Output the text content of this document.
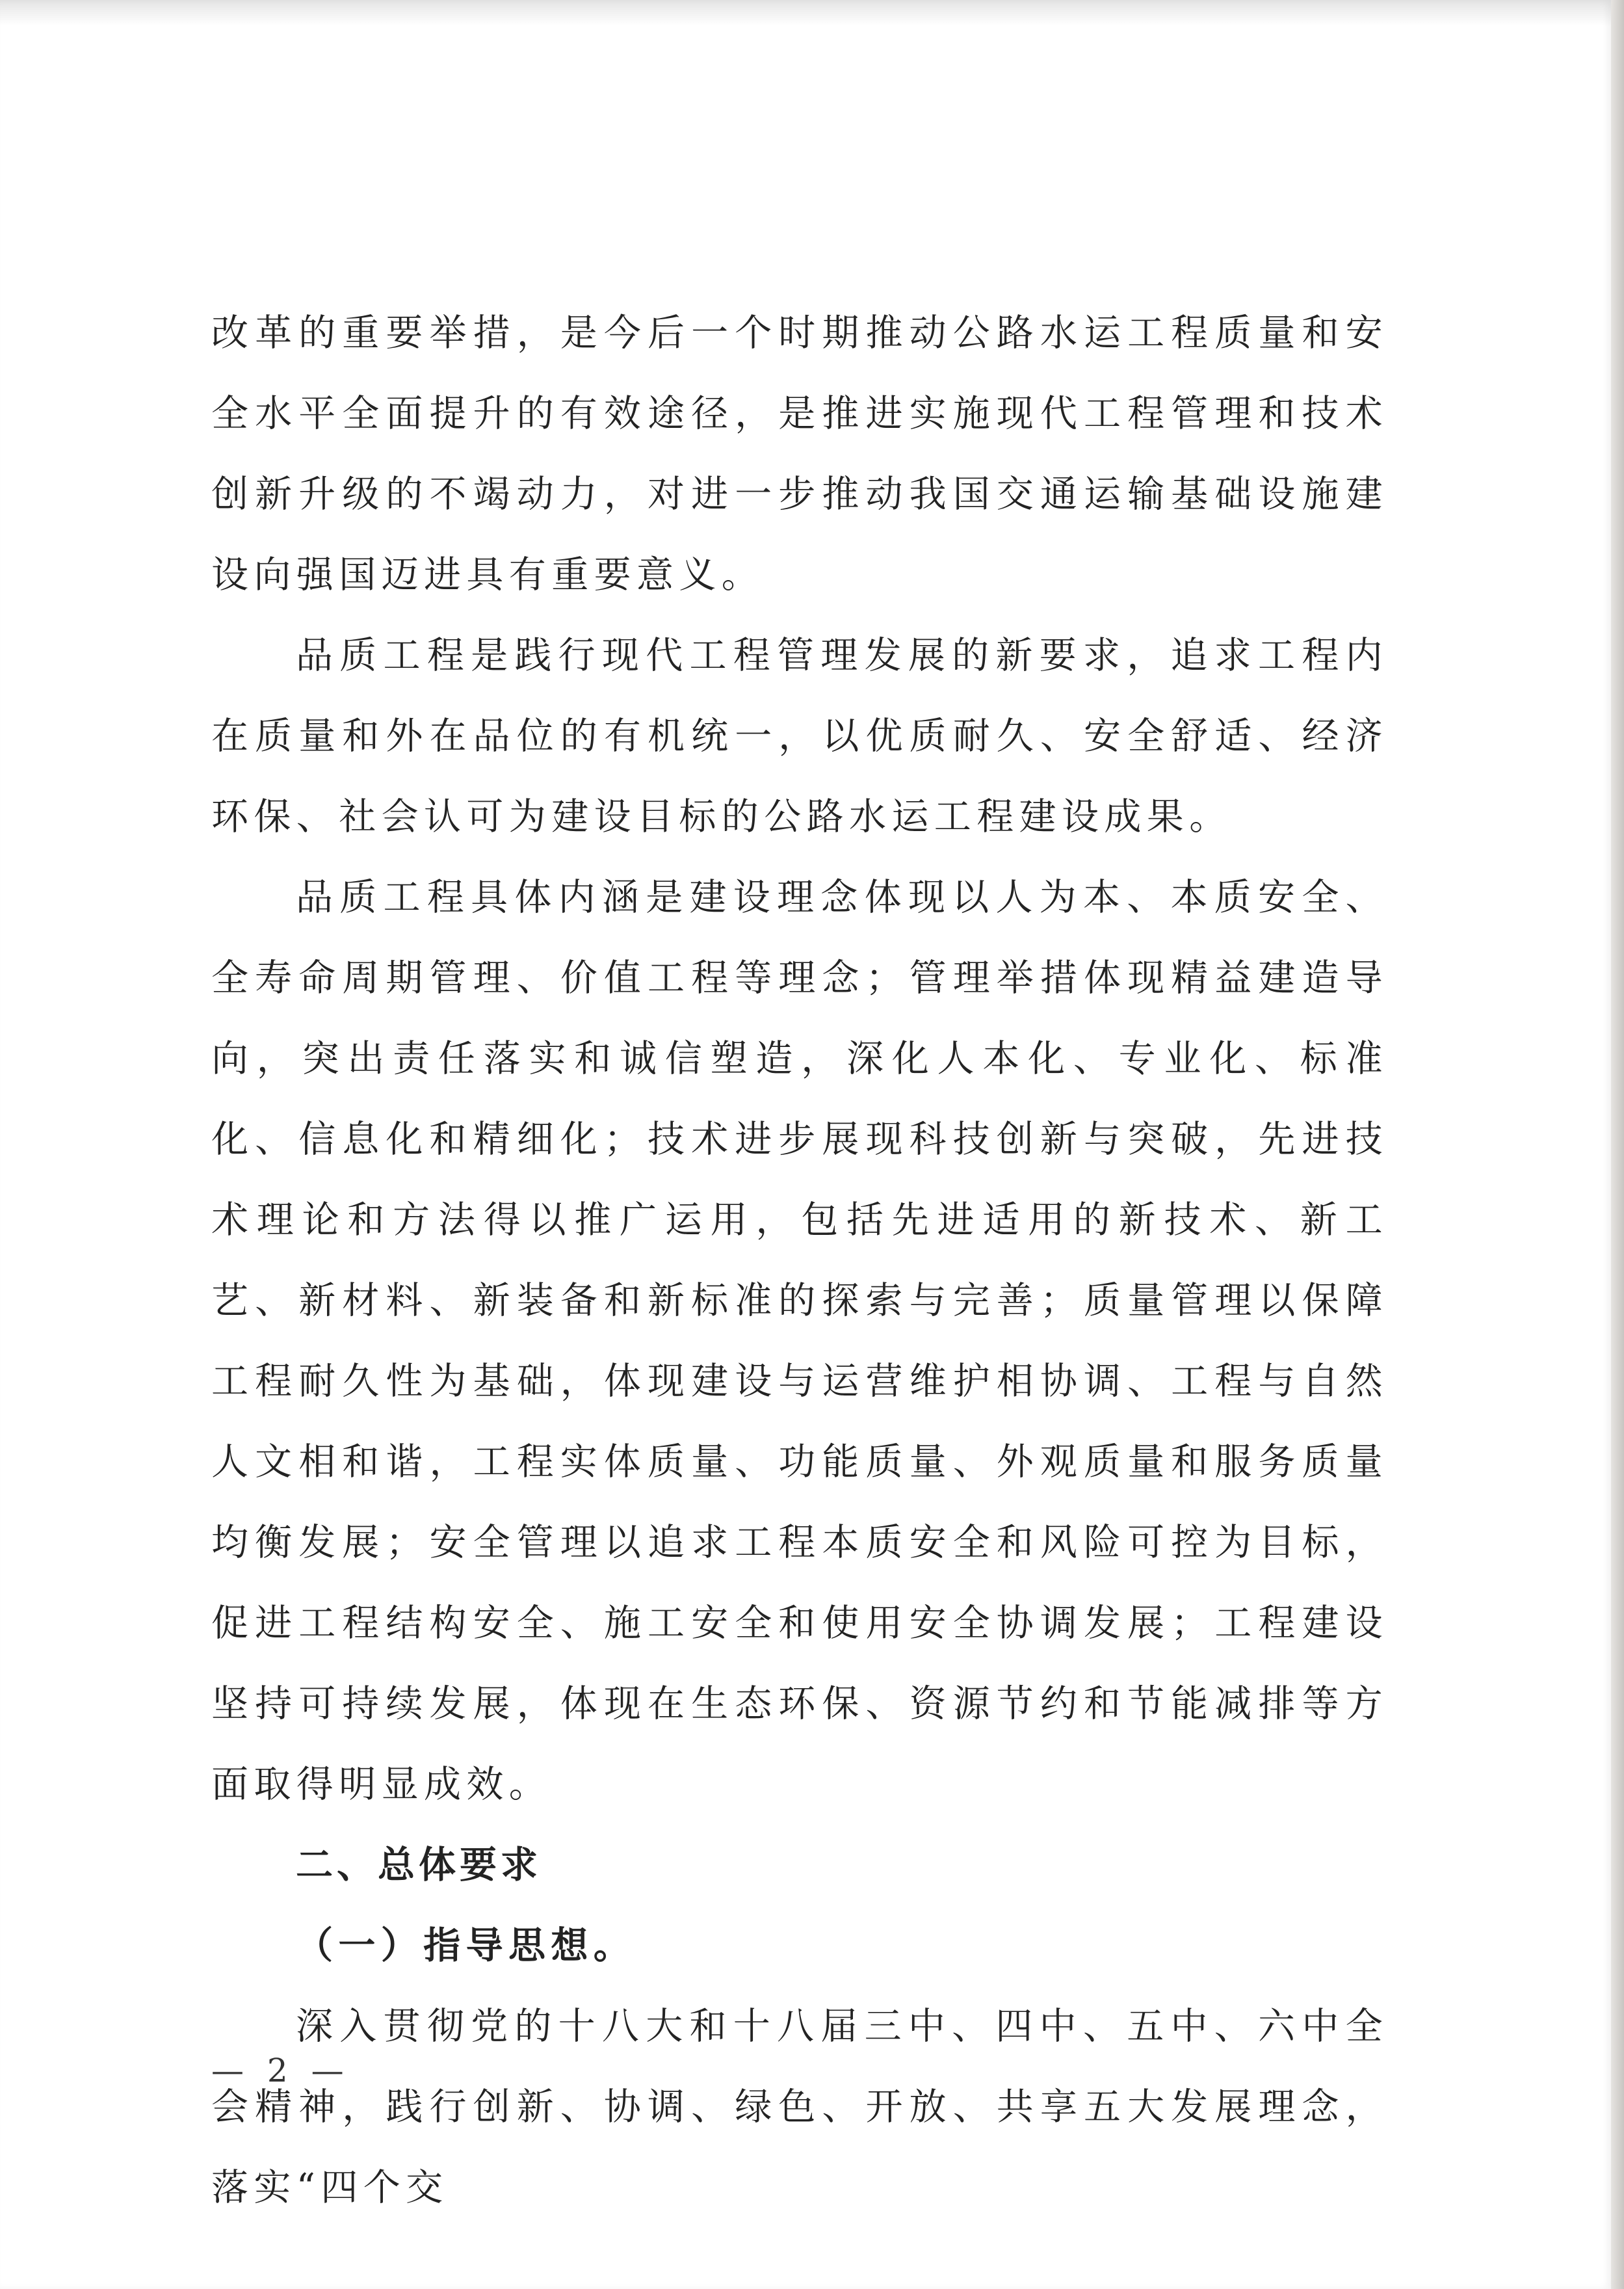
改革的重要举措，是今后一个时期推动公路水运工程质量和安全水平全面提升的有效途径，是推进实施现代工程管理和技术创新升级的不竭动力，对进一步推动我国交通运输基础设施建设向强国迈进具有重要意义。

品质工程是践行现代工程管理发展的新要求，追求工程内在质量和外在品位的有机统一，以优质耐久、安全舒适、经济环保、社会认可为建设目标的公路水运工程建设成果。

品质工程具体内涵是建设理念体现以人为本、本质安全、全寿命周期管理、价值工程等理念；管理举措体现精益建造导向，突出责任落实和诚信塑造，深化人本化、专业化、标准化、信息化和精细化；技术进步展现科技创新与突破，先进技术理论和方法得以推广运用，包括先进适用的新技术、新工艺、新材料、新装备和新标准的探索与完善；质量管理以保障工程耐久性为基础，体现建设与运营维护相协调、工程与自然人文相和谐，工程实体质量、功能质量、外观质量和服务质量均衡发展；安全管理以追求工程本质安全和风险可控为目标，促进工程结构安全、施工安全和使用安全协调发展；工程建设坚持可持续发展，体现在生态环保、资源节约和节能减排等方面取得明显成效。

二、总体要求

（一）指导思想。

深入贯彻党的十八大和十八届三中、四中、五中、六中全会精神，践行创新、协调、绿色、开放、共享五大发展理念，落实“四个交

— 2 —
